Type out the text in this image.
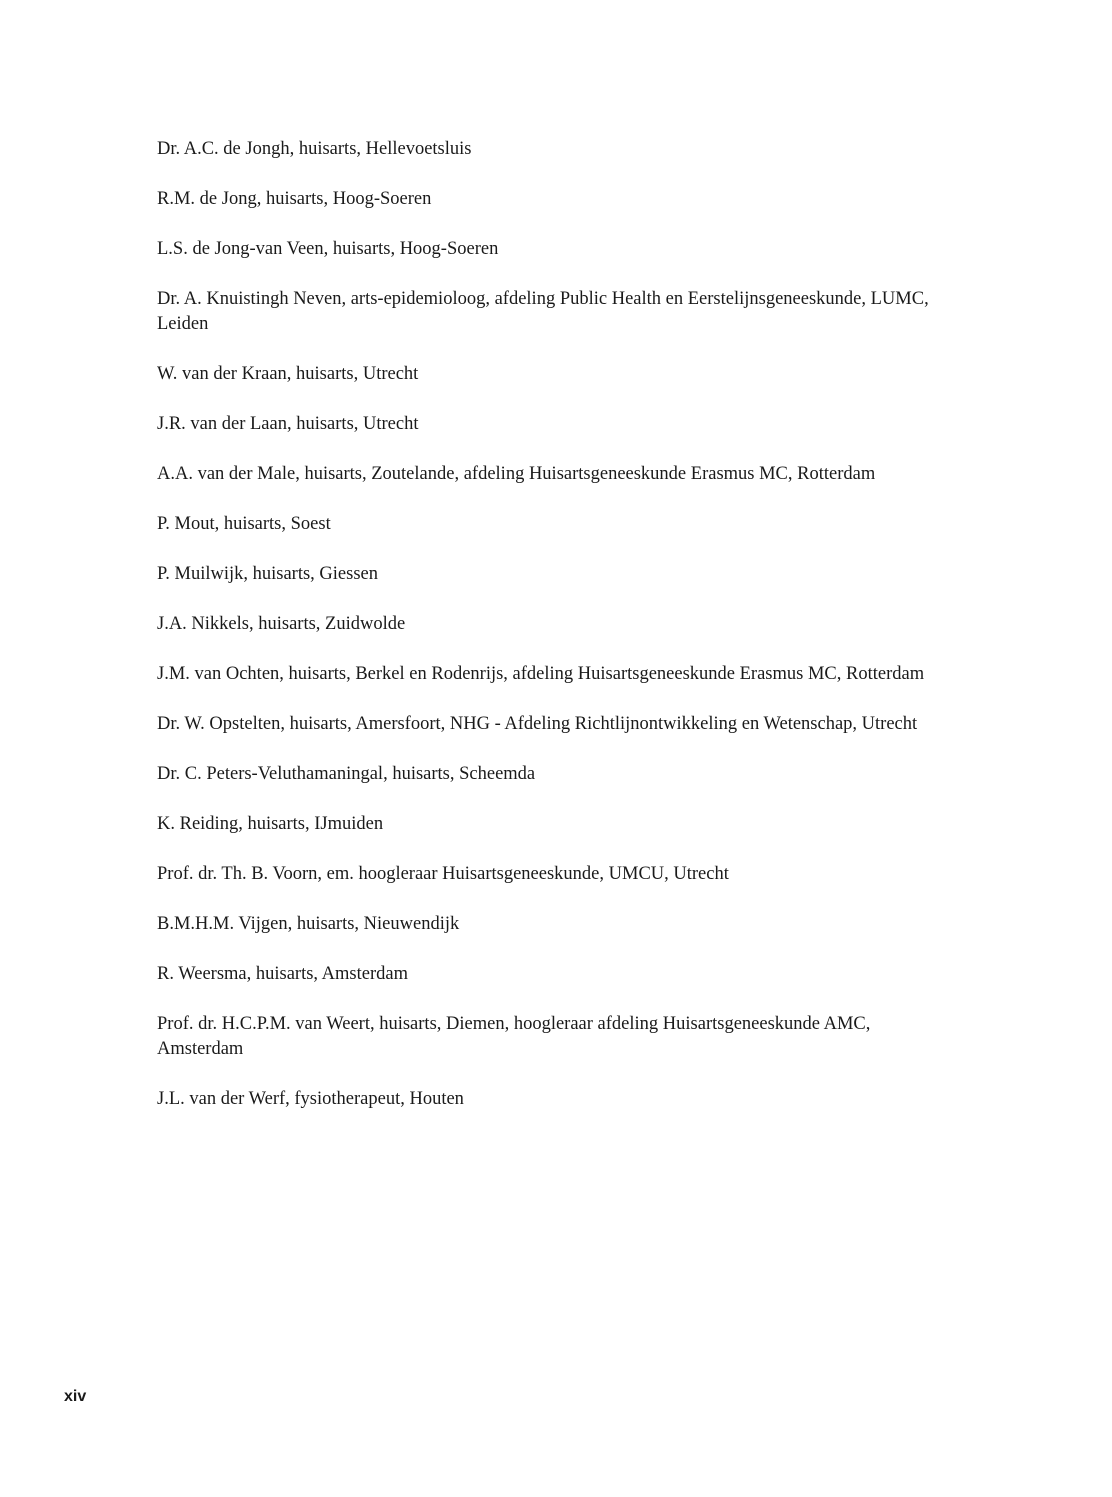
Dr. A.C. de Jongh, huisarts, Hellevoetsluis
R.M. de Jong, huisarts, Hoog-Soeren
L.S. de Jong-van Veen, huisarts, Hoog-Soeren
Dr. A. Knuistingh Neven, arts-epidemioloog, afdeling Public Health en Eerstelijnsgeneeskunde, LUMC, Leiden
W. van der Kraan, huisarts, Utrecht
J.R. van der Laan, huisarts, Utrecht
A.A. van der Male, huisarts, Zoutelande, afdeling Huisartsgeneeskunde Erasmus MC, Rotterdam
P. Mout, huisarts, Soest
P. Muilwijk, huisarts, Giessen
J.A. Nikkels, huisarts, Zuidwolde
J.M. van Ochten, huisarts, Berkel en Rodenrijs, afdeling Huisartsgeneeskunde Erasmus MC, Rotterdam
Dr. W. Opstelten, huisarts, Amersfoort, NHG - Afdeling Richtlijnontwikkeling en Wetenschap, Utrecht
Dr. C. Peters-Veluthamaningal, huisarts, Scheemda
K. Reiding, huisarts, IJmuiden
Prof. dr. Th. B. Voorn, em. hoogleraar Huisartsgeneeskunde, UMCU, Utrecht
B.M.H.M. Vijgen, huisarts, Nieuwendijk
R. Weersma, huisarts, Amsterdam
Prof. dr. H.C.P.M. van Weert, huisarts, Diemen, hoogleraar afdeling Huisartsgeneeskunde AMC, Amsterdam
J.L. van der Werf, fysiotherapeut, Houten
xiv
